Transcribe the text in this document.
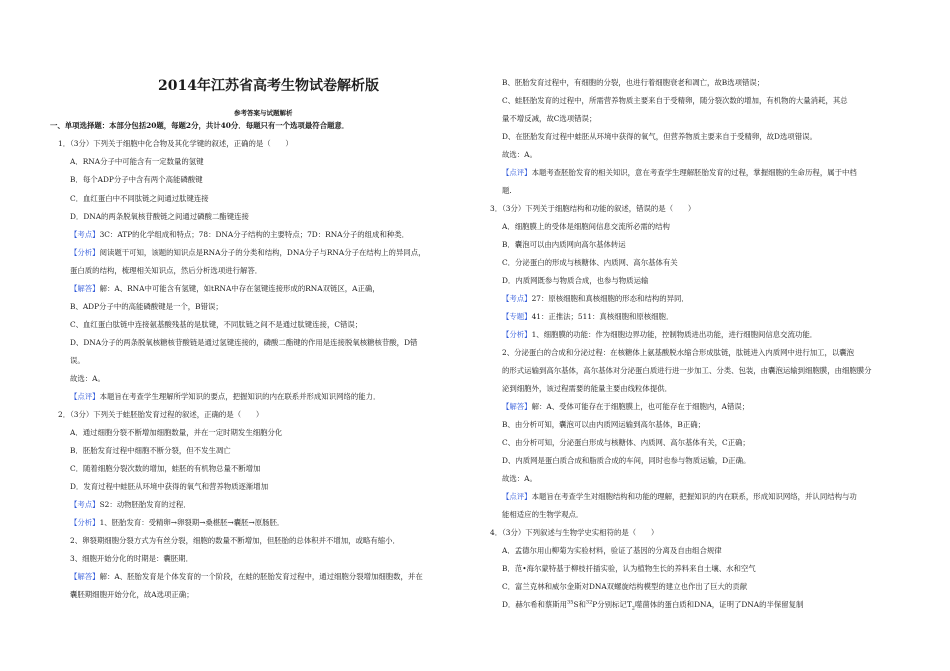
2014年江苏省高考生物试卷解析版
参考答案与试题解析
一、单项选择题：本部分包括20题，每题2分，共计40分．每题只有一个选项最符合题意．
1．（3分）下列关于细胞中化合物及其化学键的叙述，正确的是（　　）
A．RNA分子中可能含有一定数量的氢键
B．每个ADP分子中含有两个高能磷酸键
C．血红蛋白中不同肽链之间通过肽键连接
D．DNA的两条脱氧核苷酸链之间通过磷酸二酯键连接
【考点】3C：ATP的化学组成和特点；78：DNA分子结构的主要特点；7D：RNA分子的组成和种类．
【分析】阅读题干可知，该题的知识点是RNA分子的分类和结构，DNA分子与RNA分子在结构上的异同点，
蛋白质的结构，梳理相关知识点，然后分析选项进行解答．
【解答】解：A、RNA中可能含有氢键，如tRNA中存在氢键连接形成的RNA双链区，A正确，
B、ADP分子中的高能磷酸键是一个，B错误；
C、血红蛋白肽链中连接氨基酸残基的是肽键，不同肽链之间不是通过肽键连接，C错误；
D、DNA分子的两条脱氧核糖核苷酸链是通过氢键连接的，磷酸二酯键的作用是连接脱氧核糖核苷酸，D错
误。
故选：A。
【点评】本题旨在考查学生理解所学知识的要点，把握知识的内在联系并形成知识网络的能力．
2．（3分）下列关于蛙胚胎发育过程的叙述，正确的是（　　）
A．通过细胞分裂不断增加细胞数量，并在一定时期发生细胞分化
B．胚胎发育过程中细胞不断分裂，但不发生凋亡
C．随着细胞分裂次数的增加，蛙胚的有机物总量不断增加
D．发育过程中蛙胚从环境中获得的氧气和营养物质逐渐增加
【考点】S2：动物胚胎发育的过程．
【分析】1、胚胎发育：受精卵→卵裂期→桑椹胚→囊胚→原肠胚．
2、卵裂期细胞分裂方式为有丝分裂，细胞的数量不断增加，但胚胎的总体积并不增加，或略有缩小．
3、细胞开始分化的时期是：囊胚期．
【解答】解：A、胚胎发育是个体发育的一个阶段，在蛙的胚胎发育过程中，通过细胞分裂增加细胞数，并在
囊胚期细胞开始分化，故A选项正确；
B、胚胎发育过程中，有细胞的分裂，也进行着细胞衰老和凋亡，故B选项错误；
C、蛙胚胎发育的过程中，所需营养物质主要来自于受精卵，随分裂次数的增加，有机物的大量消耗，其总
量不增反减，故C选项错误；
D、在胚胎发育过程中蛙胚从环境中获得的氧气，但营养物质主要来自于受精卵，故D选项错误。
故选：A。
【点评】本题考查胚胎发育的相关知识，意在考查学生理解胚胎发育的过程，掌握细胞的生命历程，属于中档
题.
3．（3分）下列关于细胞结构和功能的叙述，错误的是（　　）
A．细胞膜上的受体是细胞间信息交流所必需的结构
B．囊泡可以由内质网向高尔基体转运
C．分泌蛋白的形成与核糖体、内质网、高尔基体有关
D．内质网既参与物质合成，也参与物质运输
【考点】27：原核细胞和真核细胞的形态和结构的异同．
【专题】41：正推法；511：真核细胞和原核细胞．
【分析】1、细胞膜的功能：作为细胞边界功能，控制物质进出功能，进行细胞间信息交流功能．
2、分泌蛋白的合成和分泌过程：在核糖体上氨基酸脱水缩合形成肽链，肽链进入内质网中进行加工，以囊泡
的形式运输到高尔基体，高尔基体对分泌蛋白质进行进一步加工、分类、包装，由囊泡运输到细胞膜，由细胞膜分
泌到细胞外，该过程需要的能量主要由线粒体提供．
【解答】解：A、受体可能存在于细胞膜上，也可能存在于细胞内，A错误；
B、由分析可知，囊泡可以由内质网运输到高尔基体，B正确；
C、由分析可知，分泌蛋白形成与核糖体、内质网、高尔基体有关，C正确；
D、内质网是蛋白质合成和脂质合成的车间，同时也参与物质运输，D正确。
故选：A。
【点评】本题旨在考查学生对细胞结构和功能的理解，把握知识的内在联系，形成知识网络，并认同结构与功
能相适应的生物学观点．
4．（3分）下列叙述与生物学史实相符的是（　　）
A．孟德尔用山柳菊为实验材料，验证了基因的分离及自由组合规律
B．范•海尔蒙特基于柳枝扦插实验，认为植物生长的养料来自土壤、水和空气
C．富兰克林和威尔金斯对DNA双螺旋结构模型的建立也作出了巨大的贡献
D．赫尔希和蔡斯用$^{35}$S和$^{32}$P分别标记$T_2$噬菌体的蛋白质和DNA，证明了DNA的半保留复制
